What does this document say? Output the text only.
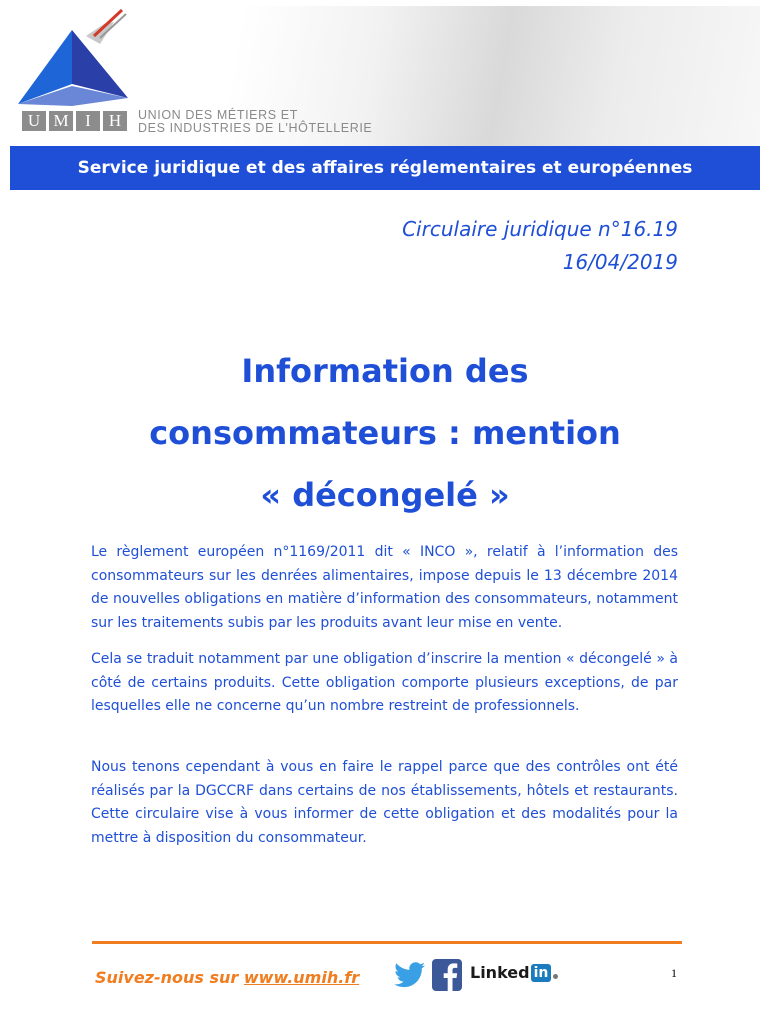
U M I	H	UNION DES MÉTIERS ET
DES INDUSTRIES DE L'HÔTELLERIE
Service juridique et des affaires réglementaires et européennes
Circulaire juridique n°16.19
16/04/2019
Information des
consommateurs : mention
« décongelé »

Le règlement européen n°1169/2011 dit « INCO », relatif à l’information des consommateurs sur les denrées alimentaires, impose depuis le 13 décembre 2014 de nouvelles obligations en matière d’information des consommateurs, notamment sur les traitements subis par les produits avant leur mise en vente.

Cela se traduit notamment par une obligation d’inscrire la mention « décongelé » à côté de certains produits. Cette obligation comporte plusieurs exceptions, de par lesquelles elle ne concerne qu’un nombre restreint de professionnels.

Nous tenons cependant à vous en faire le rappel parce que des contrôles ont été réalisés par la DGCCRF dans certains de nos établissements, hôtels et restaurants. Cette circulaire vise à vous informer de cette obligation et des modalités pour la mettre à disposition du consommateur.

Suivez-nous sur www.umih.fr	Linked in	1
